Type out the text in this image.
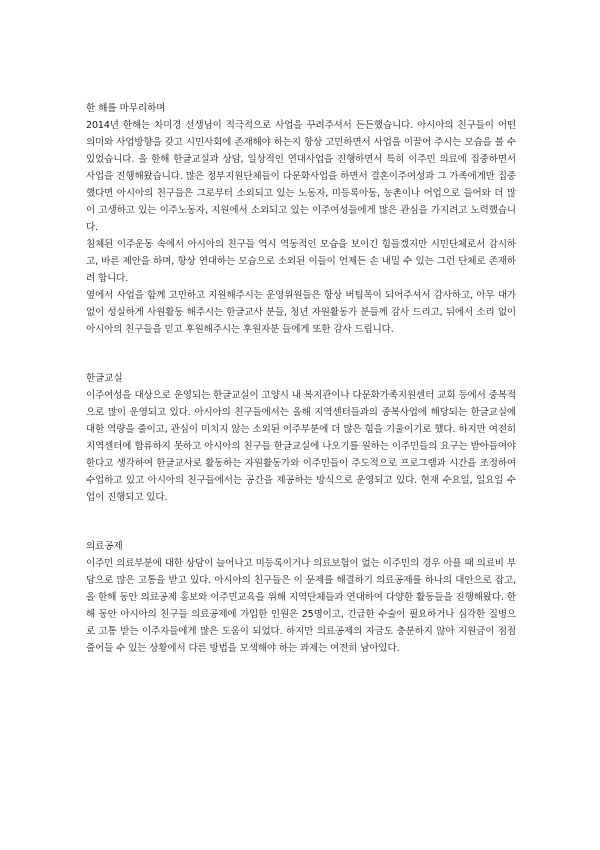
한 해를 마무리하며

2014년 한해는 차미경 선생님이 적극적으로 사업을 꾸려주셔서 든든했습니다. 아시아의 친구들이 어떤 의미와 사업방향을 갖고 시민사회에 존재해야 하는지 항상 고민하면서 사업을 이끌어 주시는 모습을 볼 수 있었습니다. 올 한해 한글교실과 상담, 일상적인 연대사업을 진행하면서 특히 이주민 의료에 집중하면서 사업을 진행해왔습니다. 많은 정부지원단체들이 다문화사업을 하면서 결혼이주여성과 그 가족에게만 집중했다면 아시아의 친구들은 그로부터 소외되고 있는 노동자, 미등록아동, 농촌이나 어업으로 들어와 더 많이 고생하고 있는 이주노동자, 지원에서 소외되고 있는 이주여성들에게 많은 관심을 가지려고 노력했습니다.

침체된 이주운동 속에서 아시아의 친구들 역시 역동적인 모습을 보이긴 힘들겠지만 시민단체로서 감시하고, 바른 제안을 하며, 항상 연대하는 모습으로 소외된 이들이 언제든 손 내밀 수 있는 그런 단체로 존재하려 합니다.

옆에서 사업을 함께 고민하고 지원해주시는 운영위원들은 항상 버팀목이 되어주셔서 감사하고, 아무 대가 없이 성실하게 사원활동 해주시는 한글교사 분들, 청년 자원활동가 분들께 감사 드리고, 뒤에서 소리 없이 아시아의 친구들을 믿고 후원해주시는 후원자분 들에게 또한 감사 드립니다.

한글교실

이주여성을 대상으로 운영되는 한글교실이 고양시 내 복지관이나 다문화가족지원센터 교회 등에서 중복적으로 많이 운영되고 있다. 아시아의 친구들에서는 올해 지역센터들과의 중복사업에 해당되는 한글교실에 대한 역량을 줄이고, 관심이 미치지 않는 소외된 이주부분에 더 많은 힘을 기울이기로 했다. 하지만 여전히 지역센터에 합류하지 못하고 아시아의 친구들 한글교실에 나오기를 원하는 이주민들의 요구는 받아들여야 한다고 생각하여 한글교사로 활동하는 자원활동가와 이주민들이 주도적으로 프로그램과 시간을 조정하여 수업하고 있고 아시아의 친구들에서는 공간을 제공하는 방식으로 운영되고 있다. 현재 수요일, 일요일 수업이 진행되고 있다.

의료공제

이주민 의료부분에 대한 상담이 늘어나고 미등록이거나 의료보험이 없는 이주민의 경우 아플 때 의료비 부담으로 많은 고통을 받고 있다. 아시아의 친구들은 이 문제를 해결하기 의료공제를 하나의 대안으로 잡고, 올 한해 동안 의료공제 홍보와 이주민교육을 위해 지역단체들과 연대하여 다양한 활동들을 진행해왔다. 한해 동안 아시아의 친구들 의료공제에 가입한 인원은 25명이고, 긴급한 수술이 필요하거나 심각한 질병으로 고통 받는 이주자들에게 많은 도움이 되었다. 하지만 의료공제의 자금도 충분하지 않아 지원금이 점점 줄어들 수 있는 상황에서 다른 방법을 모색해야 하는 과제는 여전히 남아있다.
